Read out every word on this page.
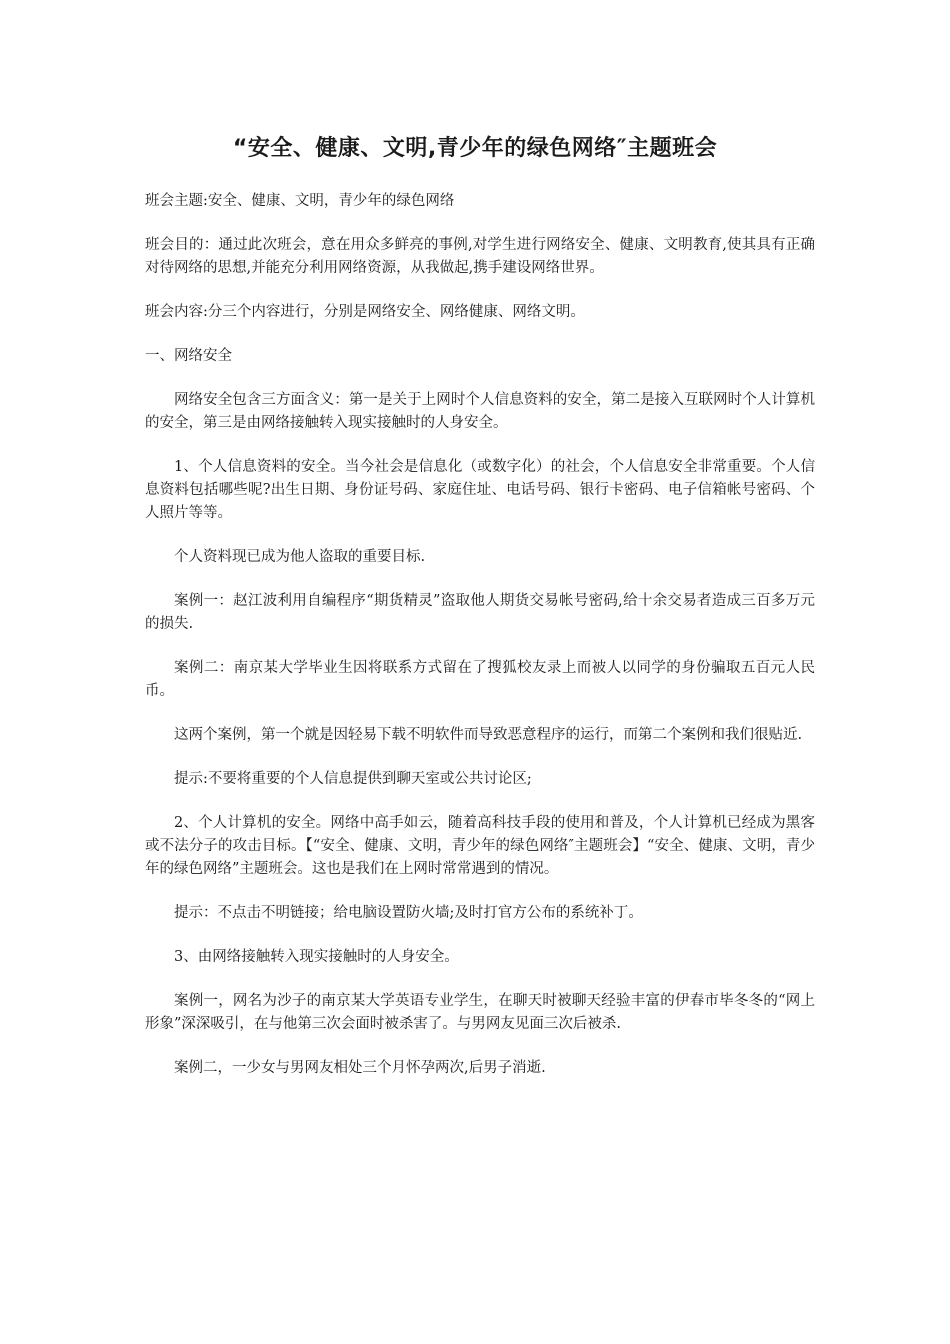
“安全、健康、文明,青少年的绿色网络″主题班会

班会主题:安全、健康、文明，青少年的绿色网络

班会目的：通过此次班会，意在用众多鲜亮的事例,对学生进行网络安全、健康、文明教育,使其具有正确对待网络的思想,并能充分利用网络资源，从我做起,携手建设网络世界。

班会内容:分三个内容进行，分别是网络安全、网络健康、网络文明。

一、网络安全

网络安全包含三方面含义：第一是关于上网时个人信息资料的安全，第二是接入互联网时个人计算机的安全，第三是由网络接触转入现实接触时的人身安全。

1、个人信息资料的安全。当今社会是信息化（或数字化）的社会，个人信息安全非常重要。个人信息资料包括哪些呢?出生日期、身份证号码、家庭住址、电话号码、银行卡密码、电子信箱帐号密码、个人照片等等。

个人资料现已成为他人盗取的重要目标.

案例一：赵江波利用自编程序“期货精灵”盗取他人期货交易帐号密码,给十余交易者造成三百多万元的损失.

案例二：南京某大学毕业生因将联系方式留在了搜狐校友录上而被人以同学的身份骗取五百元人民币。

这两个案例，第一个就是因轻易下载不明软件而导致恶意程序的运行，而第二个案例和我们很贴近.

提示:不要将重要的个人信息提供到聊天室或公共讨论区;

2、个人计算机的安全。网络中高手如云，随着高科技手段的使用和普及，个人计算机已经成为黑客或不法分子的攻击目标。【“安全、健康、文明，青少年的绿色网络″主题班会】“安全、健康、文明，青少年的绿色网络”主题班会。这也是我们在上网时常常遇到的情况。

提示：不点击不明链接；给电脑设置防火墙;及时打官方公布的系统补丁。

3、由网络接触转入现实接触时的人身安全。

案例一，网名为沙子的南京某大学英语专业学生，在聊天时被聊天经验丰富的伊春市毕冬冬的“网上形象”深深吸引，在与他第三次会面时被杀害了。与男网友见面三次后被杀.

案例二，一少女与男网友相处三个月怀孕两次,后男子消逝.
